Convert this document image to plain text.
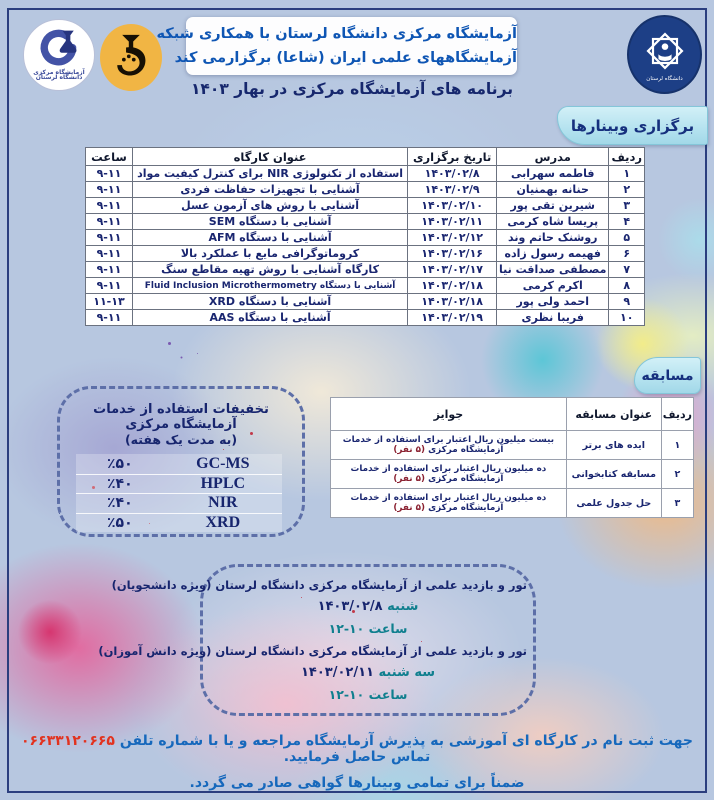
آزمایشگاه مرکزی
دانشگاه لرستان	دانشگاه لرستان
آزمایشگاه مرکزی دانشگاه لرستان با همکاری شبکه
آزمایشگاههای علمی ایران (شاعا) برگزارمی کند
برنامه های آزمایشگاه مرکزی در بهار ۱۴۰۳
برگزاری وبینارها
ردیف	مدرس	تاریخ برگزاری	عنوان کارگاه	ساعت
۱	فاطمه سهرابی	۱۴۰۳/۰۲/۸	استفاده از تکنولوژی NIR برای کنترل کیفیت مواد	۹-۱۱
۲	حنانه بهمنیان	۱۴۰۳/۰۲/۹	آشنایی با تجهیزات حفاظت فردی	۹-۱۱
۳	شیرین تقی پور	۱۴۰۳/۰۲/۱۰	آشنایی با روش های آزمون عسل	۹-۱۱
۴	پریسا شاه کرمی	۱۴۰۳/۰۲/۱۱	آشنایی با دستگاه SEM	۹-۱۱
۵	روشنک حاتم وند	۱۴۰۳/۰۲/۱۲	آشنایی با دستگاه AFM	۹-۱۱
۶	فهیمه رسول زاده	۱۴۰۳/۰۲/۱۶	کروماتوگرافی مایع با عملکرد بالا	۹-۱۱
۷	مصطفی صداقت نیا	۱۴۰۳/۰۲/۱۷	کارگاه آشنایی با روش تهیه مقاطع سنگ	۹-۱۱
۸	اکرم کرمی	۱۴۰۳/۰۲/۱۸	آشنایی با دستگاه Fluid Inclusion Microthermometry	۹-۱۱
۹	احمد ولی پور	۱۴۰۳/۰۲/۱۸	آشنایی با دستگاه XRD	۱۱-۱۳
۱۰	فریبا نظری	۱۴۰۳/۰۲/۱۹	آشنایی با دستگاه AAS	۹-۱۱
مسابقه
ردیف	عنوان مسابقه	جوایز
۱	ایده های برتر	بیست میلیون ریال اعتبار برای استفاده از خدمات آزمایشگاه مرکزی (۵ نفر)
۲	مسابقه کتابخوانی	ده میلیون ریال اعتبار برای استفاده از خدمات آزمایشگاه مرکزی (۵ نفر)
۳	حل جدول علمی	ده میلیون ریال اعتبار برای استفاده از خدمات آزمایشگاه مرکزی (۵ نفر)
تخفیفات استفاده از خدمات آزمایشگاه مرکزی
(به مدت یک هفته)
GC-MS
٪۵۰
HPLC
٪۴۰
NIR
٪۴۰
XRD
٪۵۰
تور و بازدید علمی از آزمایشگاه مرکزی دانشگاه لرستان (ویژه دانشجویان)
شنبه ۱۴۰۳/۰۲/۸
ساعت ۱۰-۱۲
تور و بازدید علمی از آزمایشگاه مرکزی دانشگاه لرستان (ویژه دانش آموزان)
سه شنبه ۱۴۰۳/۰۲/۱۱
ساعت ۱۰-۱۲
جهت ثبت نام در کارگاه ای آموزشی به پذیرش آزمایشگاه مراجعه و یا با شماره تلفن ۰۶۶۳۳۱۲۰۶۶۵ تماس حاصل فرمایید.
ضمناً برای تمامی وبینارها گواهی صادر می گردد.
